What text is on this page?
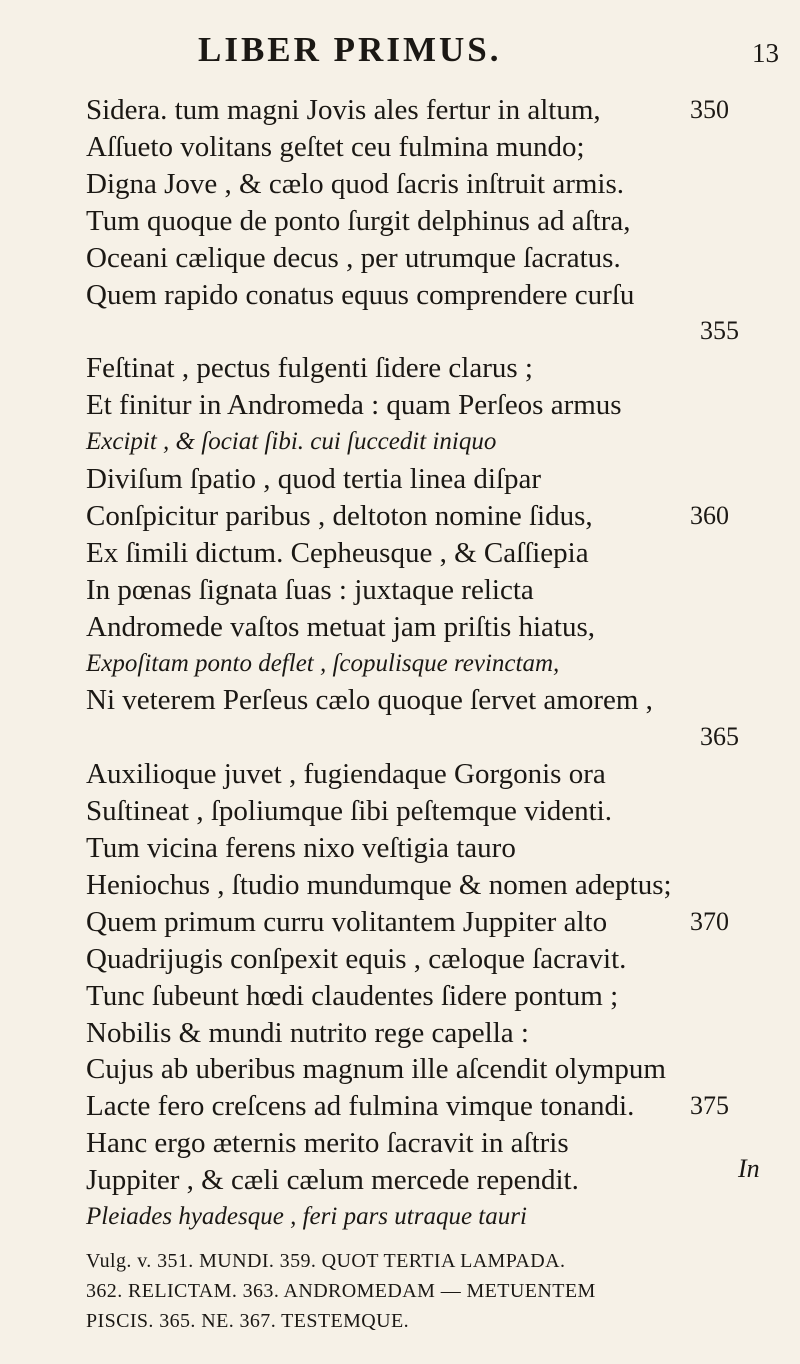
LIBER PRIMUS.	13
Sidera. tum magni Jovis ales fertur in altum,	350
Aſſueto volitans geſtet ceu fulmina mundo;
Digna Jove , & cælo quod ſacris inſtruit armis.
Tum quoque de ponto ſurgit delphinus ad aſtra,
Oceani cælique decus , per utrumque ſacratus.
Quem rapido conatus equus comprendere curſu
355
Feſtinat , pectus fulgenti ſidere clarus ;
Et finitur in Andromeda : quam Perſeos armus
Excipit , & ſociat ſibi. cui ſuccedit iniquo
Diviſum ſpatio , quod tertia linea diſpar
Conſpicitur paribus , deltoton nomine ſidus,	360
Ex ſimili dictum. Cepheusque , & Caſſiepia
In pœnas ſignata ſuas : juxtaque relicta
Andromede vaſtos metuat jam priſtis hiatus,
Expoſitam ponto deflet , ſcopulisque revinctam,
Ni veterem Perſeus cælo quoque ſervet amorem ,
365
Auxilioque juvet , fugiendaque Gorgonis ora
Suſtineat , ſpoliumque ſibi peſtemque videnti.
Tum vicina ferens nixo veſtigia tauro
Heniochus , ſtudio mundumque & nomen adeptus;
Quem primum curru volitantem Juppiter alto	370
Quadrijugis conſpexit equis , cæloque ſacravit.
Tunc ſubeunt hœdi claudentes ſidere pontum ;
Nobilis & mundi nutrito rege capella :
Cujus ab uberibus magnum ille aſcendit olympum
Lacte fero creſcens ad fulmina vimque tonandi. 375
Hanc ergo æternis merito ſacravit in aſtris
Juppiter , & cæli cælum mercede rependit.
Pleiades hyadesque , feri pars utraque tauri
In
Vulg. v. 351. MUNDI. 359. QUOT TERTIA LAMPADA.
362. RELICTAM. 363. ANDROMEDAM — METUENTEM
PISCIS. 365. NE. 367. TESTEMQUE.
